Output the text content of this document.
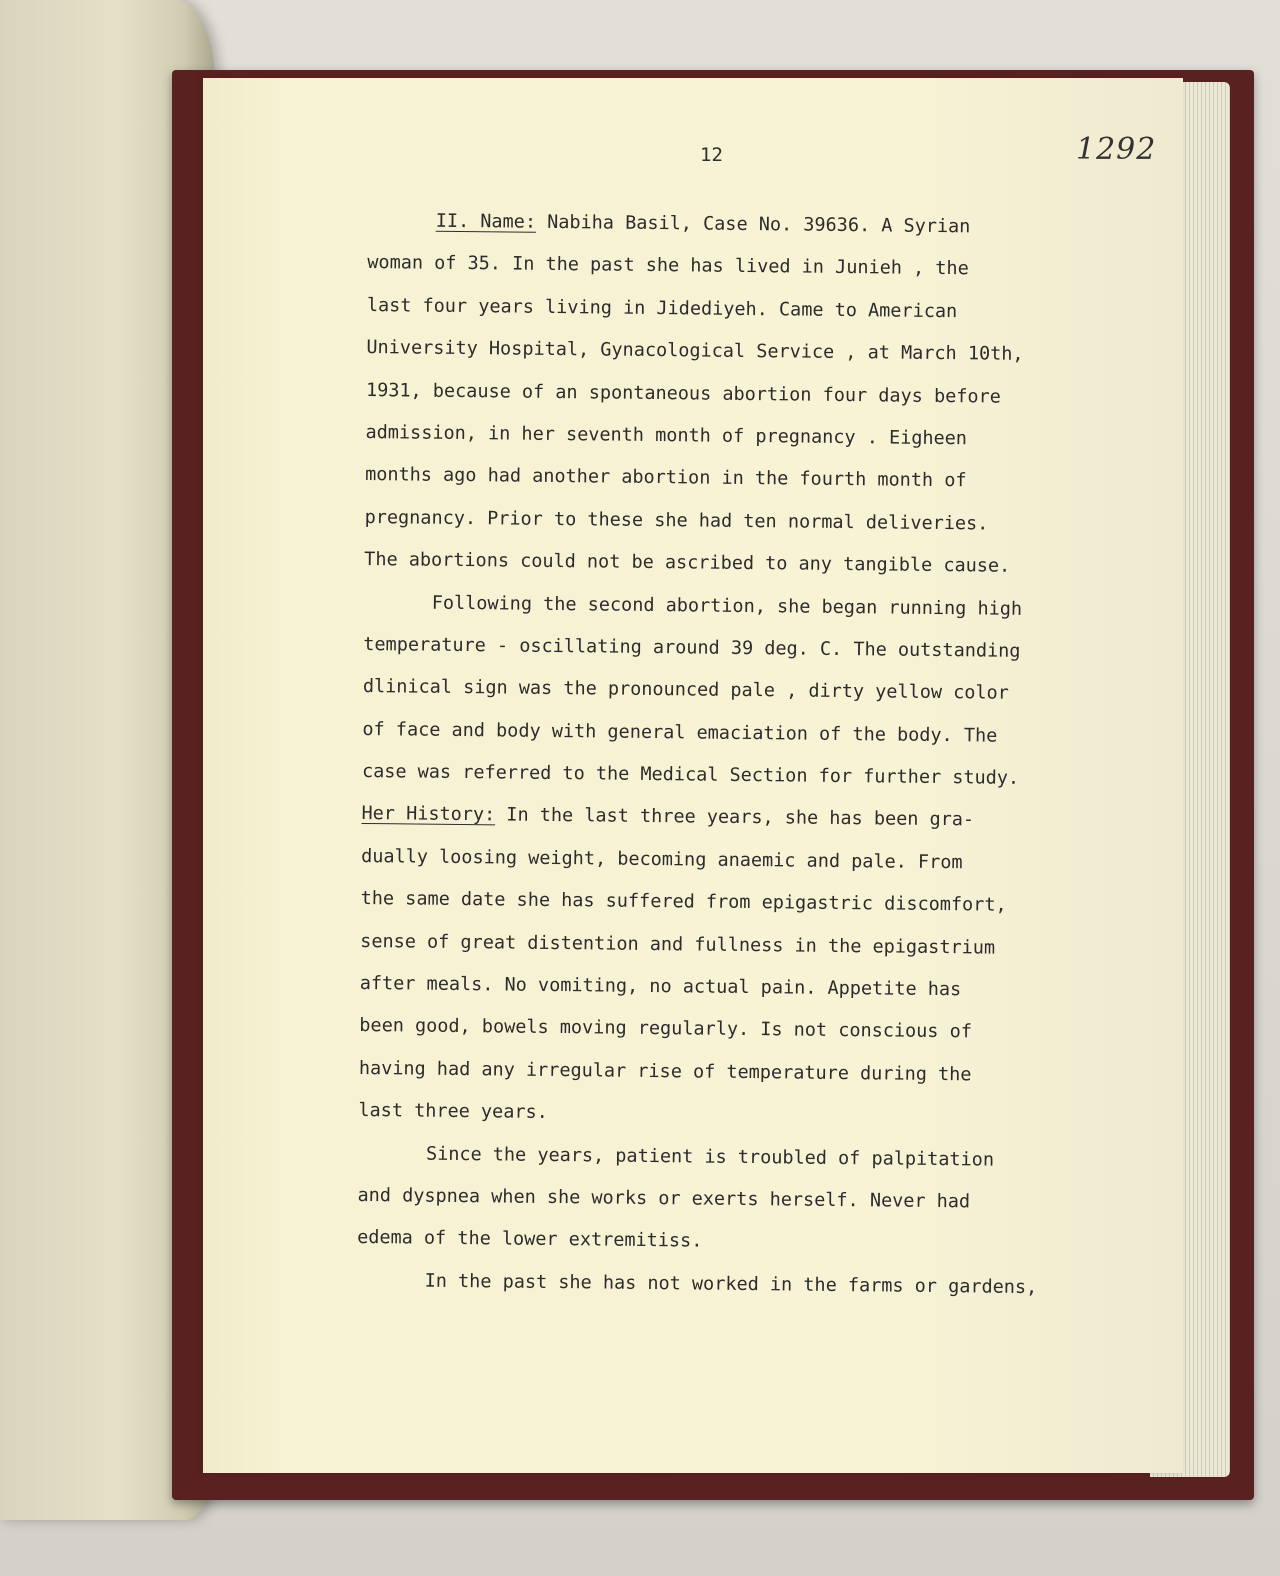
12	1292
II. Name: Nabiha Basil, Case No. 39636. A Syrian
woman of 35. In the past she has lived in Junieh , the
last four years living in Jidediyeh. Came to American
University Hospital, Gynacological Service , at March 10th,
1931, because of an spontaneous abortion four days before
admission, in her seventh month of pregnancy . Eigheen
months ago had another abortion in the fourth month of
pregnancy. Prior to these she had ten normal deliveries.
The abortions could not be ascribed to any tangible cause.
Following the second abortion, she began running high
temperature - oscillating around 39 deg. C. The outstanding
dlinical sign was the pronounced pale , dirty yellow color
of face and body with general emaciation of the body. The
case was referred to the Medical Section for further study.
Her History: In the last three years, she has been gra-
dually loosing weight, becoming anaemic and pale. From
the same date she has suffered from epigastric discomfort,
sense of great distention and fullness in the epigastrium
after meals. No vomiting, no actual pain. Appetite has
been good, bowels moving regularly. Is not conscious of
having had any irregular rise of temperature during the
last three years.
Since the years, patient is troubled of palpitation
and dyspnea when she works or exerts herself. Never had
edema of the lower extremitiss.
In the past she has not worked in the farms or gardens,
